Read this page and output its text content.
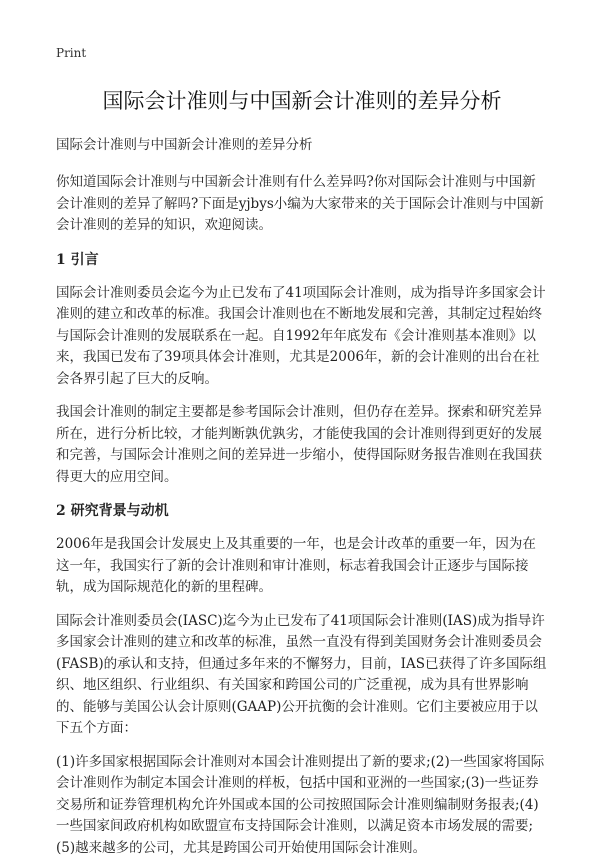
Print
国际会计准则与中国新会计准则的差异分析
国际会计准则与中国新会计准则的差异分析

你知道国际会计准则与中国新会计准则有什么差异吗?你对国际会计准则与中国新会计准则的差异了解吗?下面是yjbys小编为大家带来的关于国际会计准则与中国新会计准则的差异的知识，欢迎阅读。

1 引言

国际会计准则委员会迄今为止已发布了41项国际会计准则，成为指导许多国家会计准则的建立和改革的标准。我国会计准则也在不断地发展和完善，其制定过程始终与国际会计准则的发展联系在一起。自1992年年底发布《会计准则基本准则》以来，我国已发布了39项具体会计准则，尤其是2006年，新的会计准则的出台在社会各界引起了巨大的反响。

我国会计准则的制定主要都是参考国际会计准则，但仍存在差异。探索和研究差异所在，进行分析比较，才能判断孰优孰劣，才能使我国的会计准则得到更好的发展和完善，与国际会计准则之间的差异进一步缩小，使得国际财务报告准则在我国获得更大的应用空间。

2 研究背景与动机

2006年是我国会计发展史上及其重要的一年，也是会计改革的重要一年，因为在这一年，我国实行了新的会计准则和审计准则，标志着我国会计正逐步与国际接轨，成为国际规范化的新的里程碑。

国际会计准则委员会(IASC)迄今为止已发布了41项国际会计准则(IAS)成为指导许多国家会计准则的建立和改革的标准，虽然一直没有得到美国财务会计准则委员会(FASB)的承认和支持，但通过多年来的不懈努力，目前，IAS已获得了许多国际组织、地区组织、行业组织、有关国家和跨国公司的广泛重视，成为具有世界影响的、能够与美国公认会计原则(GAAP)公开抗衡的会计准则。它们主要被应用于以下五个方面：

(1)许多国家根据国际会计准则对本国会计准则提出了新的要求;(2)一些国家将国际会计准则作为制定本国会计准则的样板，包括中国和亚洲的一些国家;(3)一些证券交易所和证券管理机构允许外国或本国的公司按照国际会计准则编制财务报表;(4)一些国家间政府机构如欧盟宣布支持国际会计准则，以满足资本市场发展的需要;(5)越来越多的公司，尤其是跨国公司开始使用国际会计准则。
